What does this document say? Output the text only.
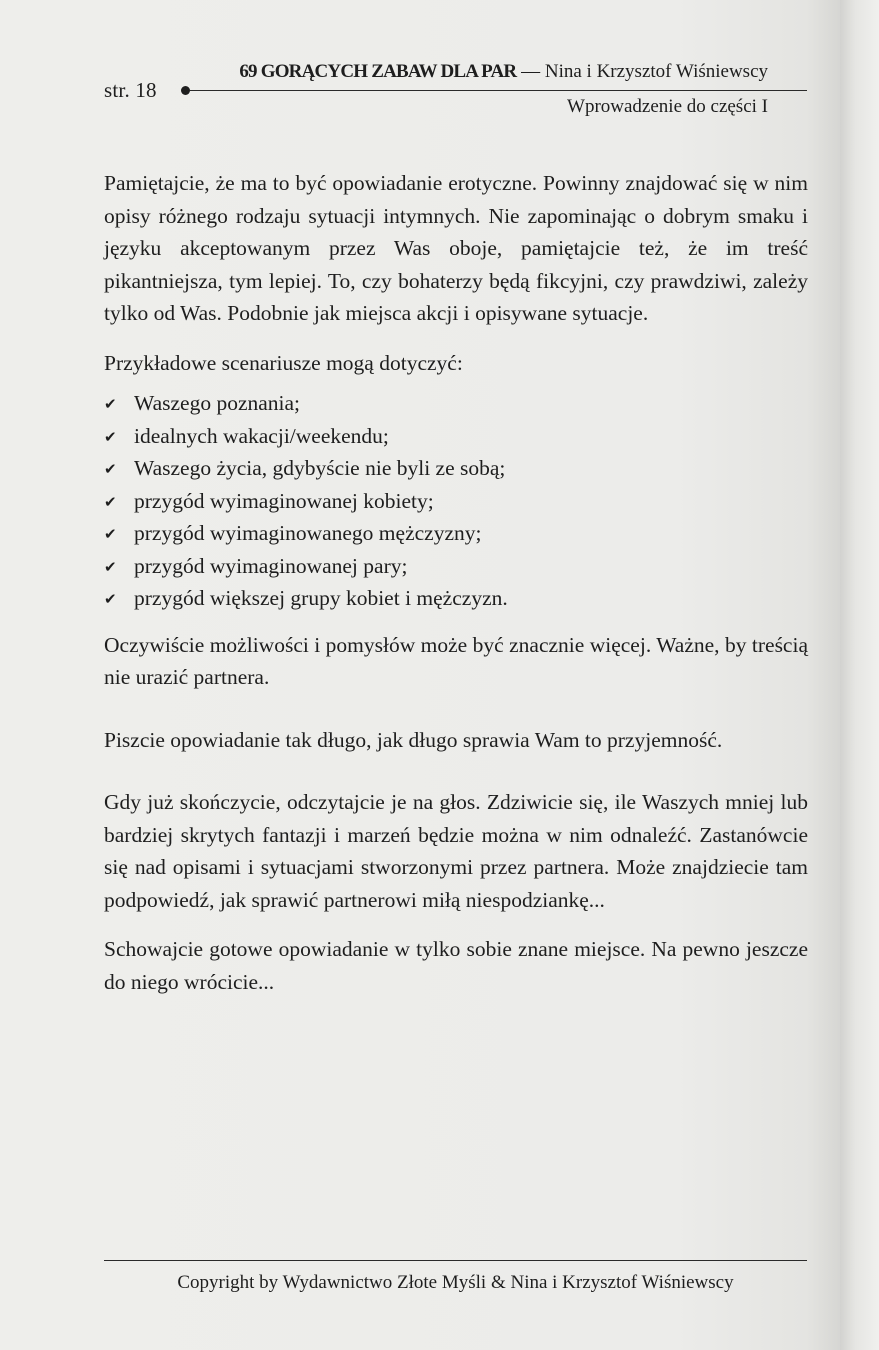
str. 18
69 GORĄCYCH ZABAW DLA PAR — Nina i Krzysztof Wiśniewscy
Wprowadzenie do części I

Pamiętajcie, że ma to być opowiadanie erotyczne. Powinny znajdować się w nim opisy różnego rodzaju sytuacji intymnych. Nie zapominając o dobrym smaku i języku akceptowanym przez Was oboje, pamiętajcie też, że im treść pikantniejsza, tym lepiej. To, czy bohaterzy będą fikcyjni, czy prawdziwi, zależy tylko od Was. Podobnie jak miejsca akcji i opisywane sytuacje.

Przykładowe scenariusze mogą dotyczyć:

✔ Waszego poznania;
✔ idealnych wakacji/weekendu;
✔ Waszego życia, gdybyście nie byli ze sobą;
✔ przygód wyimaginowanej kobiety;
✔ przygód wyimaginowanego mężczyzny;
✔ przygód wyimaginowanej pary;
✔ przygód większej grupy kobiet i mężczyzn.

Oczywiście możliwości i pomysłów może być znacznie więcej. Ważne, by treścią nie urazić partnera.

Piszcie opowiadanie tak długo, jak długo sprawia Wam to przyjemność.

Gdy już skończycie, odczytajcie je na głos. Zdziwicie się, ile Waszych mniej lub bardziej skrytych fantazji i marzeń będzie można w nim odnaleźć. Zastanówcie się nad opisami i sytuacjami stworzonymi przez partnera. Może znajdziecie tam podpowiedź, jak sprawić partnerowi miłą niespodziankę...

Schowajcie gotowe opowiadanie w tylko sobie znane miejsce. Na pewno jeszcze do niego wrócicie...

Copyright by Wydawnictwo Złote Myśli & Nina i Krzysztof Wiśniewscy
